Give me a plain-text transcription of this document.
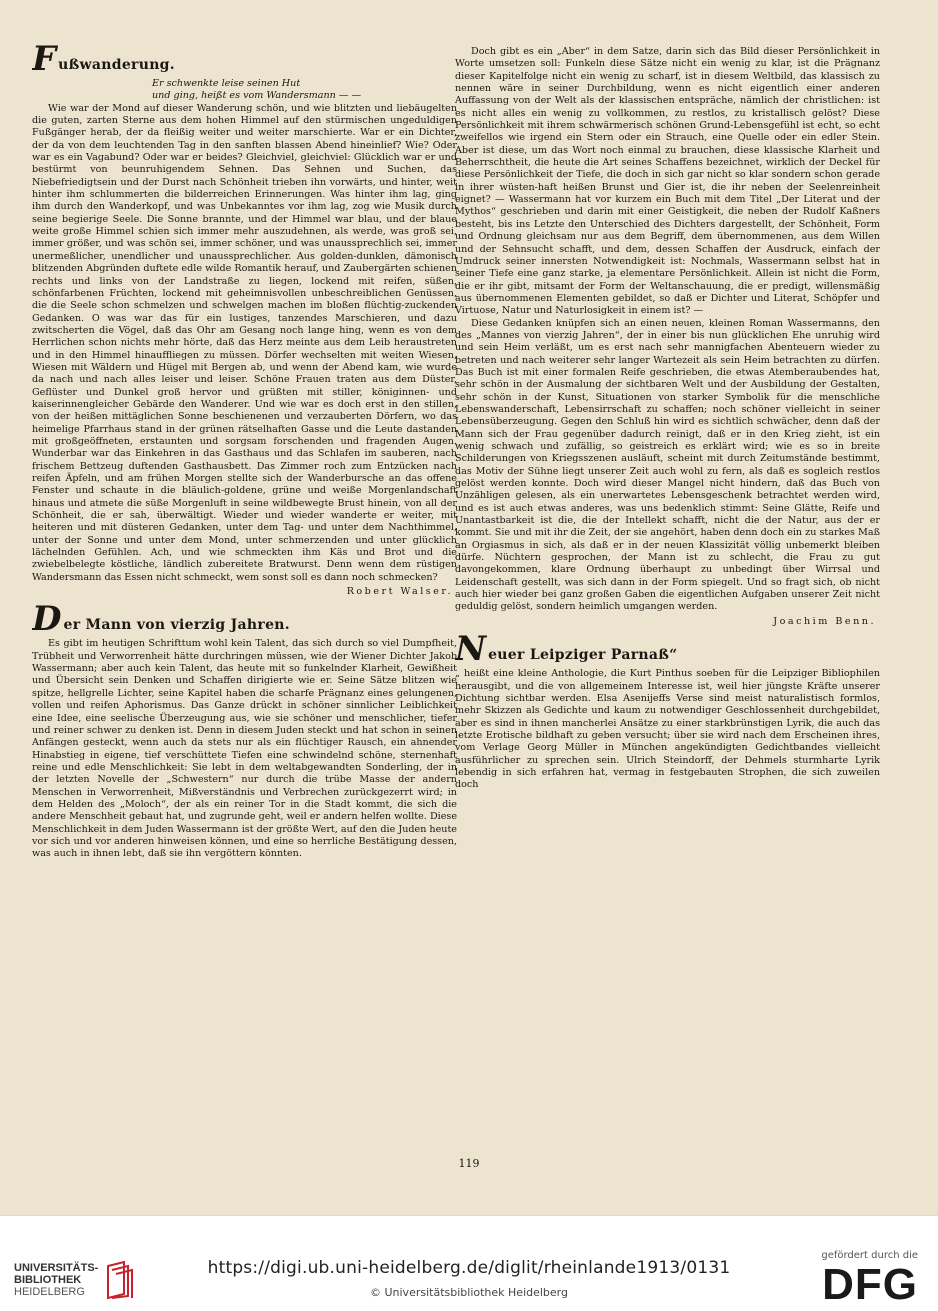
F ußwanderung.
Er schwenkte leise seinen Hut
und ging, heißt es vom Wandersmann — —

Wie war der Mond auf dieser Wanderung schön, und wie blitzten und liebäugelten die guten, zarten Sterne aus dem hohen Himmel auf den stürmischen ungeduldigen Fußgänger herab, der da fleißig weiter und weiter marschierte. War er ein Dichter, der da von dem leuchtenden Tag in den sanften blassen Abend hineinlief? Wie? Oder war es ein Vagabund? Oder war er beides? Gleichviel, gleichviel: Glücklich war er und bestürmt von beunruhigendem Sehnen. Das Sehnen und Suchen, das Niebefriedigtsein und der Durst nach Schönheit trieben ihn vorwärts, und hinter, weit hinter ihm schlummerten die bilderreichen Erinnerungen. Was hinter ihm lag, ging ihm durch den Wanderkopf, und was Unbekanntes vor ihm lag, zog wie Musik durch seine begierige Seele. Die Sonne brannte, und der Himmel war blau, und der blaue weite große Himmel schien sich immer mehr auszudehnen, als werde, was groß sei, immer größer, und was schön sei, immer schöner, und was unaussprechlich sei, immer unermeßlicher, unendlicher und unaussprechlicher. Aus golden-dunklen, dämonisch blitzenden Abgründen duftete edle wilde Romantik herauf, und Zaubergärten schienen rechts und links von der Landstraße zu liegen, lockend mit reifen, süßen, schönfarbenen Früchten, lockend mit geheimnisvollen unbeschreiblichen Genüssen, die die Seele schon schmelzen und schwelgen machen im bloßen flüchtig-zuckenden Gedanken. O was war das für ein lustiges, tanzendes Marschieren, und dazu zwitscherten die Vögel, daß das Ohr am Gesang noch lange hing, wenn es von dem Herrlichen schon nichts mehr hörte, daß das Herz meinte aus dem Leib heraustreten und in den Himmel hinauffliegen zu müssen. Dörfer wechselten mit weiten Wiesen, Wiesen mit Wäldern und Hügel mit Bergen ab, und wenn der Abend kam, wie wurde da nach und nach alles leiser und leiser. Schöne Frauen traten aus dem Düster, Geflüster und Dunkel groß hervor und grüßten mit stiller, königinnen- und kaiserinnengleicher Gebärde den Wanderer. Und wie war es doch erst in den stillen, von der heißen mittäglichen Sonne beschienenen und verzauberten Dörfern, wo das heimelige Pfarrhaus stand in der grünen rätselhaften Gasse und die Leute dastanden mit großgeöffneten, erstaunten und sorgsam forschenden und fragenden Augen. Wunderbar war das Einkehren in das Gasthaus und das Schlafen im sauberen, nach frischem Bettzeug duftenden Gasthausbett. Das Zimmer roch zum Entzücken nach reifen Äpfeln, und am frühen Morgen stellte sich der Wanderbursche an das offene Fenster und schaute in die bläulich-goldene, grüne und weiße Morgenlandschaft hinaus und atmete die süße Morgenluft in seine wildbewegte Brust hinein, von all der Schönheit, die er sah, überwältigt. Wieder und wieder wanderte er weiter, mit heiteren und mit düsteren Gedanken, unter dem Tag- und unter dem Nachthimmel, unter der Sonne und unter dem Mond, unter schmerzenden und unter glücklich lächelnden Gefühlen. Ach, und wie schmeckten ihm Käs und Brot und die zwiebelbelegte köstliche, ländlich zubereitete Bratwurst. Denn wenn dem rüstigen Wandersmann das Essen nicht schmeckt, wem sonst soll es dann noch schmecken?

Robert Walser.
D er Mann von vierzig Jahren.

Es gibt im heutigen Schrifttum wohl kein Talent, das sich durch so viel Dumpfheit, Trübheit und Verworrenheit hätte durchringen müssen, wie der Wiener Dichter Jakob Wassermann; aber auch kein Talent, das heute mit so funkelnder Klarheit, Gewißheit und Übersicht sein Denken und Schaffen dirigierte wie er. Seine Sätze blitzen wie spitze, hellgrelle Lichter, seine Kapitel haben die scharfe Prägnanz eines gelungenen, vollen und reifen Aphorismus. Das Ganze drückt in schöner sinnlicher Leiblichkeit eine Idee, eine seelische Überzeugung aus, wie sie schöner und menschlicher, tiefer und reiner schwer zu denken ist. Denn in diesem Juden steckt und hat schon in seinen Anfängen gesteckt, wenn auch da stets nur als ein flüchtiger Rausch, ein ahnender Hinabstieg in eigene, tief verschüttete Tiefen eine schwindelnd schöne, sternenhaft reine und edle Menschlichkeit: Sie lebt in dem weltabgewandten Sonderling, der in der letzten Novelle der „Schwestern“ nur durch die trübe Masse der andern Menschen in Verworrenheit, Mißverständnis und Verbrechen zurückgezerrt wird; in dem Helden des „Moloch“, der als ein reiner Tor in die Stadt kommt, die sich die andere Menschheit gebaut hat, und zugrunde geht, weil er andern helfen wollte. Diese Menschlichkeit in dem Juden Wassermann ist der größte Wert, auf den die Juden heute vor sich und vor anderen hinweisen können, und eine so herrliche Bestätigung dessen, was auch in ihnen lebt, daß sie ihn vergöttern könnten.

Doch gibt es ein „Aber“ in dem Satze, darin sich das Bild dieser Persönlichkeit in Worte umsetzen soll: Funkeln diese Sätze nicht ein wenig zu klar, ist die Prägnanz dieser Kapitelfolge nicht ein wenig zu scharf, ist in diesem Weltbild, das klassisch zu nennen wäre in seiner Durchbildung, wenn es nicht eigentlich einer anderen Auffassung von der Welt als der klassischen entspräche, nämlich der christlichen: ist es nicht alles ein wenig zu vollkommen, zu restlos, zu kristallisch gelöst? Diese Persönlichkeit mit ihrem schwärmerisch schönen Grund-Lebensgefühl ist echt, so echt zweifellos wie irgend ein Stern oder ein Strauch, eine Quelle oder ein edler Stein. Aber ist diese, um das Wort noch einmal zu brauchen, diese klassische Klarheit und Beherrschtheit, die heute die Art seines Schaffens bezeichnet, wirklich der Deckel für diese Persönlichkeit der Tiefe, die doch in sich gar nicht so klar sondern schon gerade in ihrer wüsten-haft heißen Brunst und Gier ist, die ihr neben der Seelenreinheit eignet? — Wassermann hat vor kurzem ein Buch mit dem Titel „Der Literat und der Mythos“ geschrieben und darin mit einer Geistigkeit, die neben der Rudolf Kaßners besteht, bis ins Letzte den Unterschied des Dichters dargestellt, der Schönheit, Form und Ordnung gleichsam nur aus dem Begriff, dem übernommenen, aus dem Willen und der Sehnsucht schafft, und dem, dessen Schaffen der Ausdruck, einfach der Umdruck seiner innersten Notwendigkeit ist: Nochmals, Wassermann selbst hat in seiner Tiefe eine ganz starke, ja elementare Persönlichkeit. Allein ist nicht die Form, die er ihr gibt, mitsamt der Form der Weltanschauung, die er predigt, willensmäßig aus übernommenen Elementen gebildet, so daß er Dichter und Literat, Schöpfer und Virtuose, Natur und Naturlosigkeit in einem ist? —

Diese Gedanken knüpfen sich an einen neuen, kleinen Roman Wassermanns, den des „Mannes von vierzig Jahren“, der in einer bis nun glücklichen Ehe unruhig wird und sein Heim verläßt, um es erst nach sehr mannigfachen Abenteuern wieder zu betreten und nach weiterer sehr langer Wartezeit als sein Heim betrachten zu dürfen. Das Buch ist mit einer formalen Reife geschrieben, die etwas Atemberaubendes hat, sehr schön in der Ausmalung der sichtbaren Welt und der Ausbildung der Gestalten, sehr schön in der Kunst, Situationen von starker Symbolik für die menschliche Lebenswanderschaft, Lebensirrschaft zu schaffen; noch schöner vielleicht in seiner Lebensüberzeugung. Gegen den Schluß hin wird es sichtlich schwächer, denn daß der Mann sich der Frau gegenüber dadurch reinigt, daß er in den Krieg zieht, ist ein wenig schwach und zufällig, so geistreich es erklärt wird; wie es so in breite Schilderungen von Kriegsszenen ausläuft, scheint mit durch Zeitumstände bestimmt, das Motiv der Sühne liegt unserer Zeit auch wohl zu fern, als daß es sogleich restlos gelöst werden konnte. Doch wird dieser Mangel nicht hindern, daß das Buch von Unzähligen gelesen, als ein unerwartetes Lebensgeschenk betrachtet werden wird, und es ist auch etwas anderes, was uns bedenklich stimmt: Seine Glätte, Reife und Unantastbarkeit ist die, die der Intellekt schafft, nicht die der Natur, aus der er kommt. Sie und mit ihr die Zeit, der sie angehört, haben denn doch ein zu starkes Maß an Orgiasmus in sich, als daß er in der neuen Klassizität völlig unbemerkt bleiben dürfe. Nüchtern gesprochen, der Mann ist zu schlecht, die Frau zu gut davongekommen, klare Ordnung überhaupt zu unbedingt über Wirrsal und Leidenschaft gestellt, was sich dann in der Form spiegelt. Und so fragt sich, ob nicht auch hier wieder bei ganz großen Gaben die eigentlichen Aufgaben unserer Zeit nicht geduldig gelöst, sondern heimlich umgangen werden.

Joachim Benn.
N euer Leipziger Parnaß“

„ heißt eine kleine Anthologie, die Kurt Pinthus soeben für die Leipziger Bibliophilen herausgibt, und die von allgemeinem Interesse ist, weil hier jüngste Kräfte unserer Dichtung sichtbar werden. Elsa Asenijeffs Verse sind meist naturalistisch formlos, mehr Skizzen als Gedichte und kaum zu notwendiger Geschlossenheit durchgebildet, aber es sind in ihnen mancherlei Ansätze zu einer starkbrünstigen Lyrik, die auch das letzte Erotische bildhaft zu geben versucht; über sie wird nach dem Erscheinen ihres, vom Verlage Georg Müller in München angekündigten Gedichtbandes vielleicht ausführlicher zu sprechen sein. Ulrich Steindorff, der Dehmels sturmharte Lyrik lebendig in sich erfahren hat, vermag in festgebauten Strophen, die sich zuweilen doch

119
UNIVERSITÄTS-
BIBLIOTHEK
HEIDELBERG
https://digi.ub.uni-heidelberg.de/diglit/rheinlande1913/0131
© Universitätsbibliothek Heidelberg
gefördert durch die
DFG
